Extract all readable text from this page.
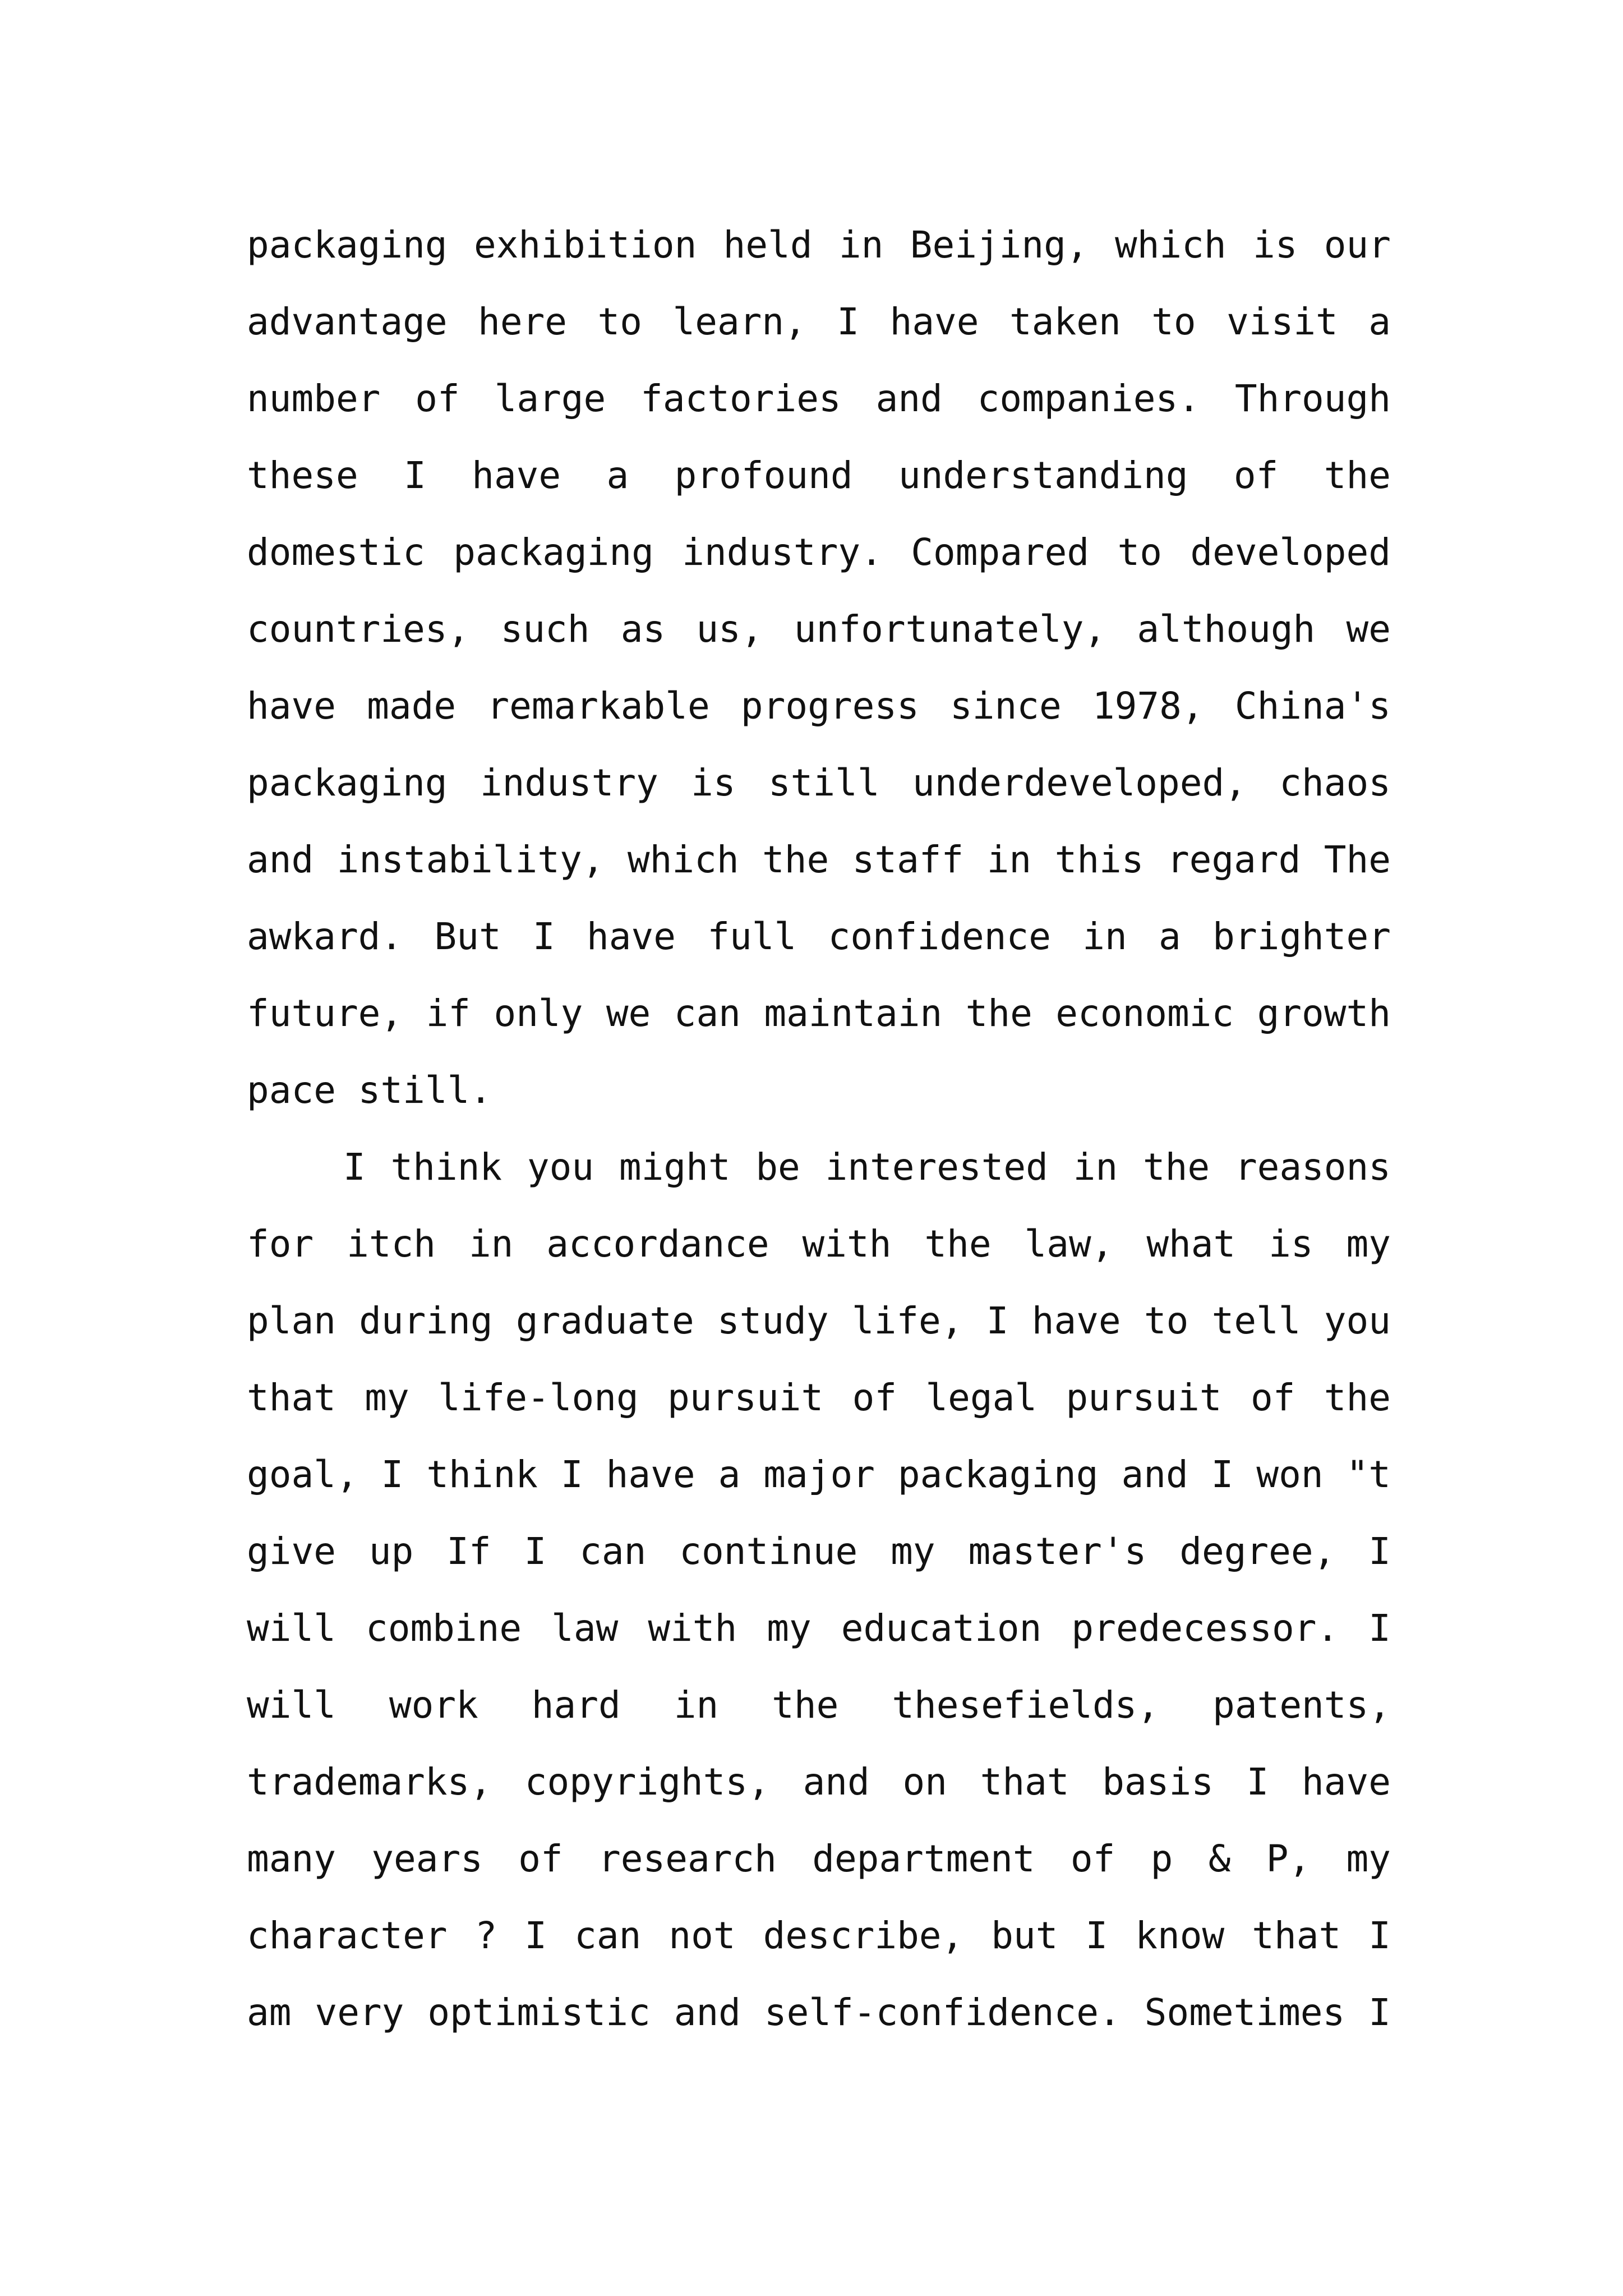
packaging exhibition held in Beijing, which is our
advantage here to learn, I have taken to visit a
number of large factories and companies. Through
these I have a profound understanding of the
domestic packaging industry. Compared to developed
countries, such as us, unfortunately, although we
have made remarkable progress since 1978, China's
packaging industry is still underdeveloped, chaos
and instability, which the staff in this regard The
awkard. But I have full confidence in a brighter
future, if only we can maintain the economic growth
pace still.
I think you might be interested in the reasons
for itch in accordance with the law, what is my
plan during graduate study life, I have to tell you
that my life-long pursuit of legal pursuit of the
goal, I think I have a major packaging and I won "t
give up If I can continue my master's degree, I
will combine law with my education predecessor. I
will work hard in the thesefields, patents,
trademarks, copyrights, and on that basis I have
many years of research department of p & P, my
character ? I can not describe, but I know that I
am very optimistic and self-confidence. Sometimes I
